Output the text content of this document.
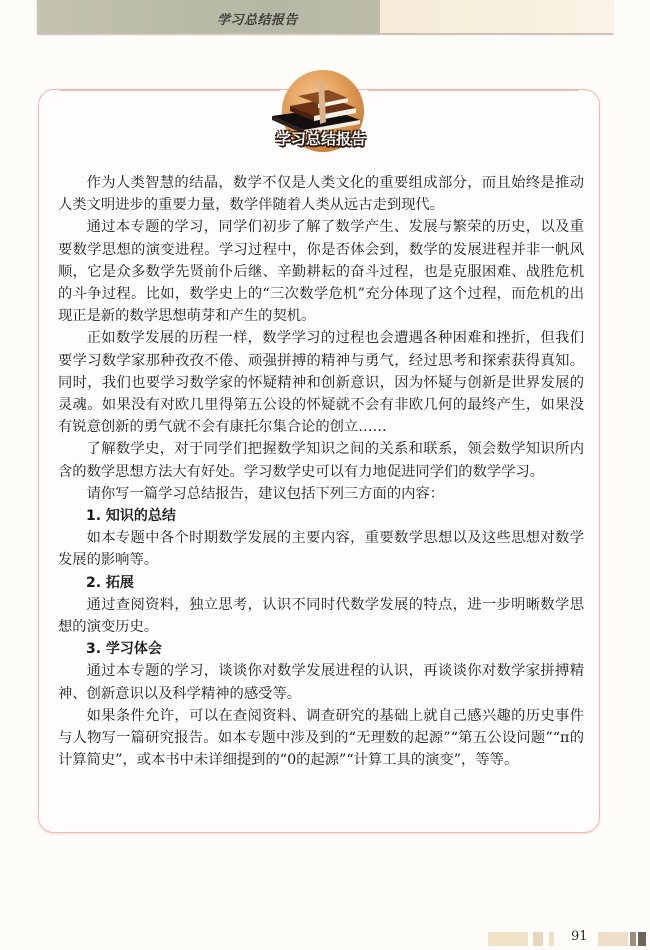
学习总结报告
学习总结报告

作为人类智慧的结晶，数学不仅是人类文化的重要组成部分，而且始终是推动人类文明进步的重要力量，数学伴随着人类从远古走到现代。

通过本专题的学习，同学们初步了解了数学产生、发展与繁荣的历史，以及重要数学思想的演变进程。学习过程中，你是否体会到，数学的发展进程并非一帆风顺，它是众多数学先贤前仆后继、辛勤耕耘的奋斗过程，也是克服困难、战胜危机的斗争过程。比如，数学史上的“三次数学危机”充分体现了这个过程，而危机的出现正是新的数学思想萌芽和产生的契机。

正如数学发展的历程一样，数学学习的过程也会遭遇各种困难和挫折，但我们要学习数学家那种孜孜不倦、顽强拼搏的精神与勇气，经过思考和探索获得真知。同时，我们也要学习数学家的怀疑精神和创新意识，因为怀疑与创新是世界发展的灵魂。如果没有对欧几里得第五公设的怀疑就不会有非欧几何的最终产生，如果没有锐意创新的勇气就不会有康托尔集合论的创立……

了解数学史，对于同学们把握数学知识之间的关系和联系，领会数学知识所内含的数学思想方法大有好处。学习数学史可以有力地促进同学们的数学学习。

请你写一篇学习总结报告，建议包括下列三方面的内容：

1. 知识的总结

如本专题中各个时期数学发展的主要内容，重要数学思想以及这些思想对数学发展的影响等。

2. 拓展

通过查阅资料，独立思考，认识不同时代数学发展的特点，进一步明晰数学思想的演变历史。

3. 学习体会

通过本专题的学习，谈谈你对数学发展进程的认识，再谈谈你对数学家拼搏精神、创新意识以及科学精神的感受等。

如果条件允许，可以在查阅资料、调查研究的基础上就自己感兴趣的历史事件与人物写一篇研究报告。如本专题中涉及到的“无理数的起源”“第五公设问题”“π的计算简史”，或本书中未详细提到的“0的起源”“计算工具的演变”，等等。

91
